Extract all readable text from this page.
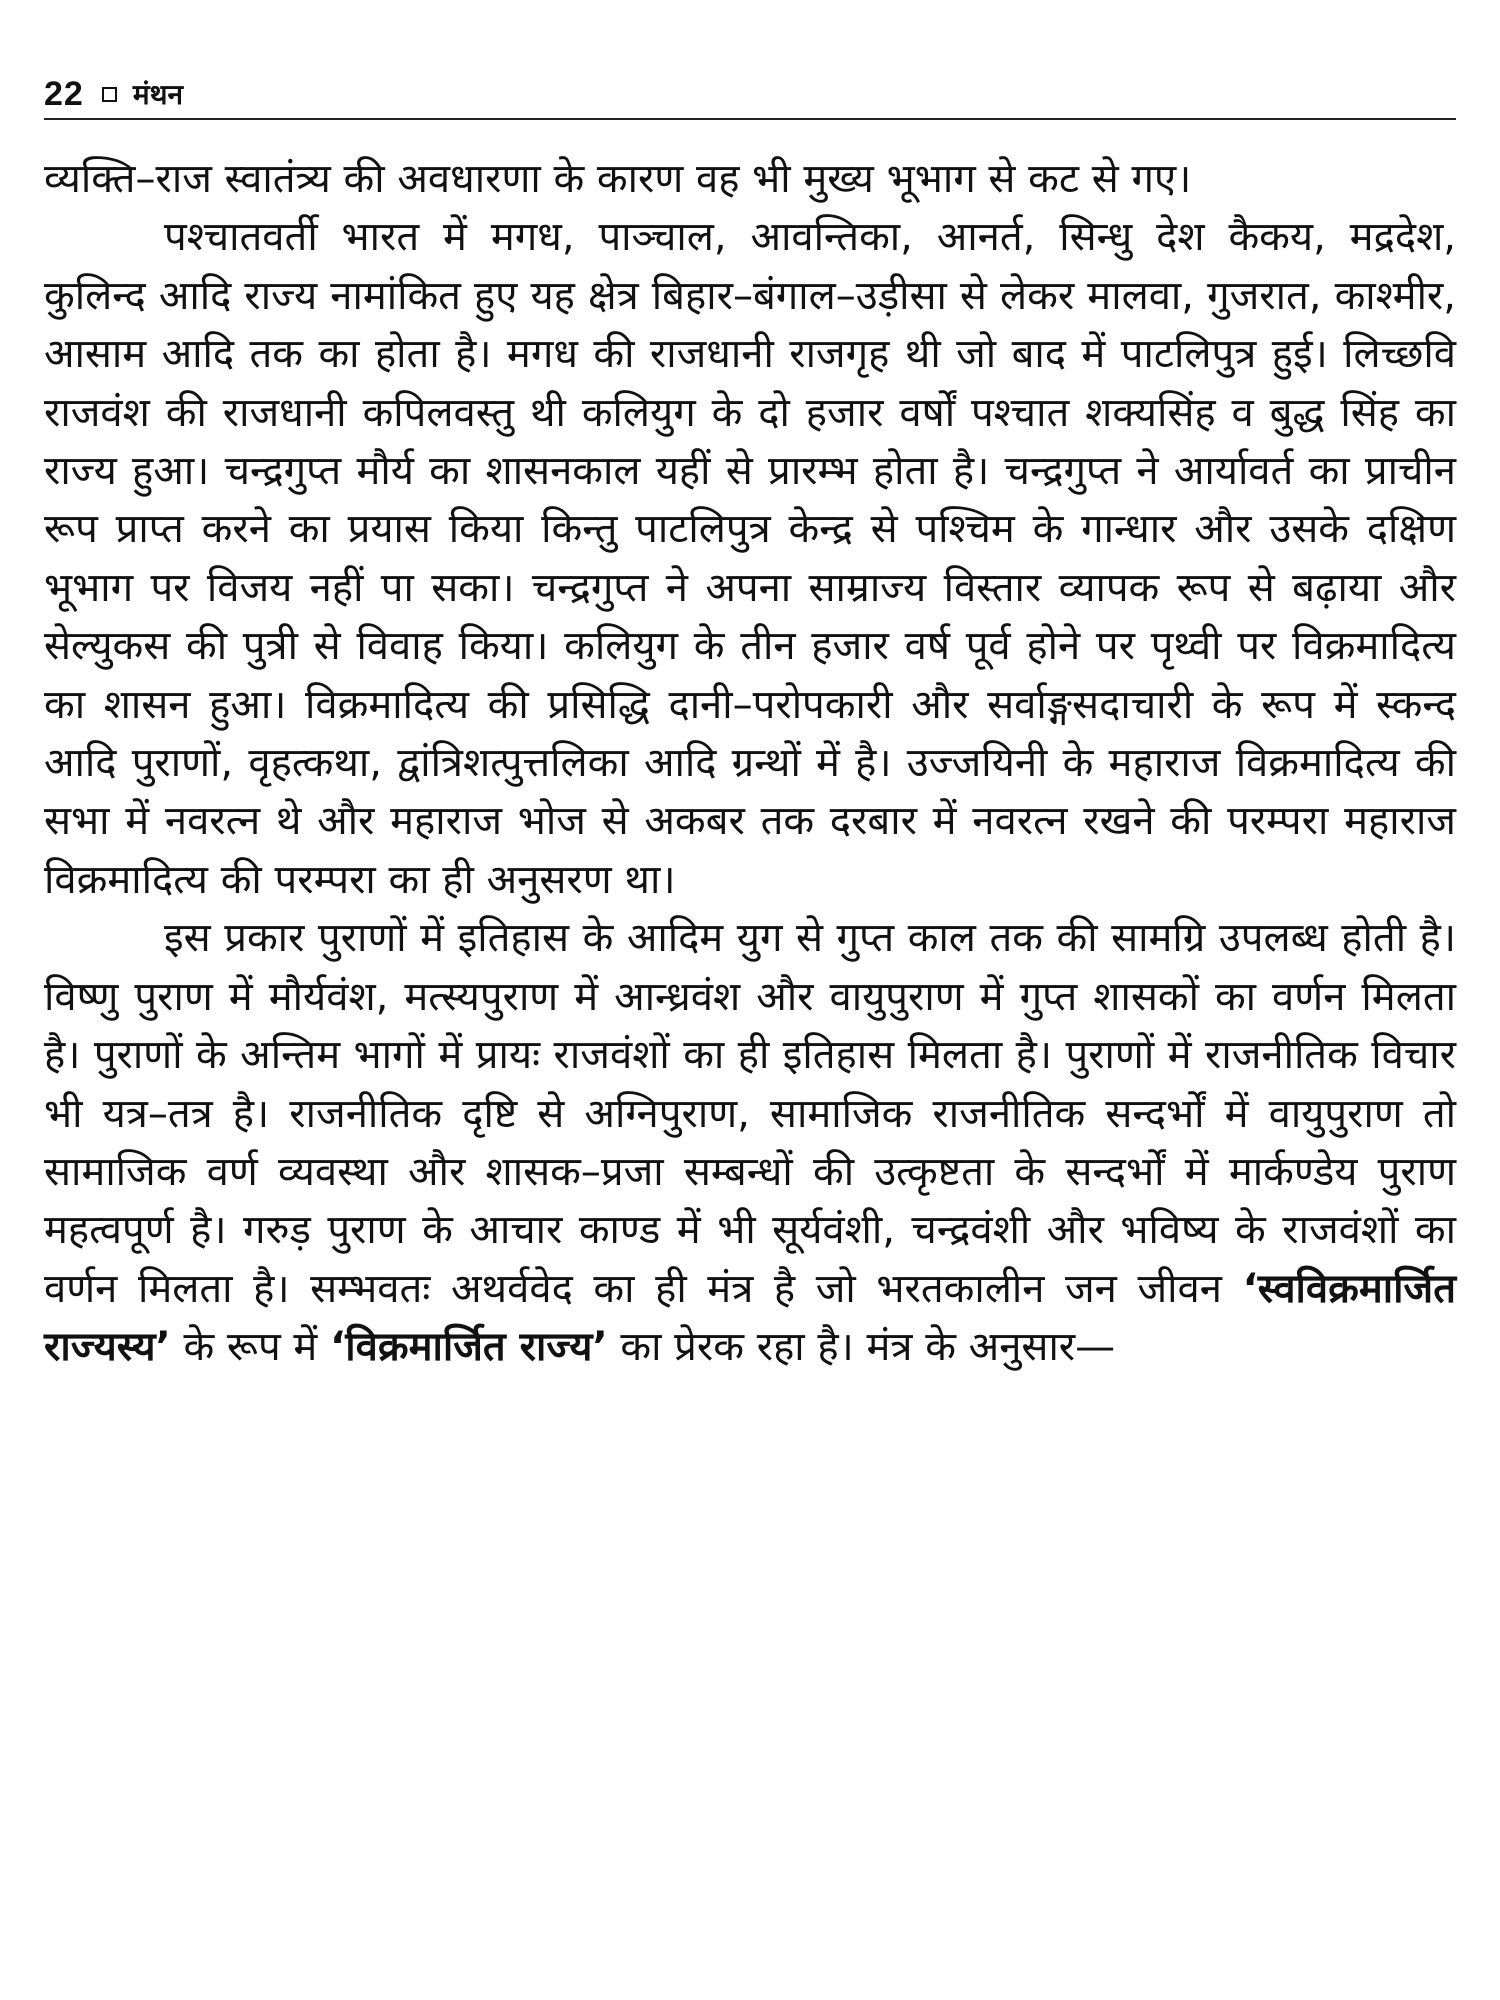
22 मंथन

व्यक्ति–राज स्वातंत्र्य की अवधारणा के कारण वह भी मुख्य भूभाग से कट से गए।

पश्चातवर्ती भारत में मगध, पाञ्चाल, आवन्तिका, आनर्त, सिन्धु देश कैकय, मद्रदेश, कुलिन्द आदि राज्य नामांकित हुए यह क्षेत्र बिहार–बंगाल–उड़ीसा से लेकर मालवा, गुजरात, काश्मीर, आसाम आदि तक का होता है। मगध की राजधानी राजगृह थी जो बाद में पाटलिपुत्र हुई। लिच्छवि राजवंश की राजधानी कपिलवस्तु थी कलियुग के दो हजार वर्षों पश्चात शक्यसिंह व बुद्ध सिंह का राज्य हुआ। चन्द्रगुप्त मौर्य का शासनकाल यहीं से प्रारम्भ होता है। चन्द्रगुप्त ने आर्यावर्त का प्राचीन रूप प्राप्त करने का प्रयास किया किन्तु पाटलिपुत्र केन्द्र से पश्चिम के गान्धार और उसके दक्षिण भूभाग पर विजय नहीं पा सका। चन्द्रगुप्त ने अपना साम्राज्य विस्तार व्यापक रूप से बढ़ाया और सेल्युकस की पुत्री से विवाह किया। कलियुग के तीन हजार वर्ष पूर्व होने पर पृथ्वी पर विक्रमादित्य का शासन हुआ। विक्रमादित्य की प्रसिद्धि दानी–परोपकारी और सर्वाङ्गसदाचारी के रूप में स्कन्द आदि पुराणों, वृहत्कथा, द्वांत्रिशत्पुत्तलिका आदि ग्रन्थों में है। उज्जयिनी के महाराज विक्रमादित्य की सभा में नवरत्न थे और महाराज भोज से अकबर तक दरबार में नवरत्न रखने की परम्परा महाराज विक्रमादित्य की परम्परा का ही अनुसरण था।

इस प्रकार पुराणों में इतिहास के आदिम युग से गुप्त काल तक की सामग्रि उपलब्ध होती है। विष्णु पुराण में मौर्यवंश, मत्स्यपुराण में आन्ध्रवंश और वायुपुराण में गुप्त शासकों का वर्णन मिलता है। पुराणों के अन्तिम भागों में प्रायः राजवंशों का ही इतिहास मिलता है। पुराणों में राजनीतिक विचार भी यत्र–तत्र है। राजनीतिक दृष्टि से अग्निपुराण, सामाजिक राजनीतिक सन्दर्भों में वायुपुराण तो सामाजिक वर्ण व्यवस्था और शासक–प्रजा सम्बन्धों की उत्कृष्टता के सन्दर्भों में मार्कण्डेय पुराण महत्वपूर्ण है। गरुड़ पुराण के आचार काण्ड में भी सूर्यवंशी, चन्द्रवंशी और भविष्य के राजवंशों का वर्णन मिलता है। सम्भवतः अथर्ववेद का ही मंत्र है जो भरतकालीन जन जीवन ‘स्वविक्रमार्जित राज्यस्य’ के रूप में ‘विक्रमार्जित राज्य’ का प्रेरक रहा है। मंत्र के अनुसार—
